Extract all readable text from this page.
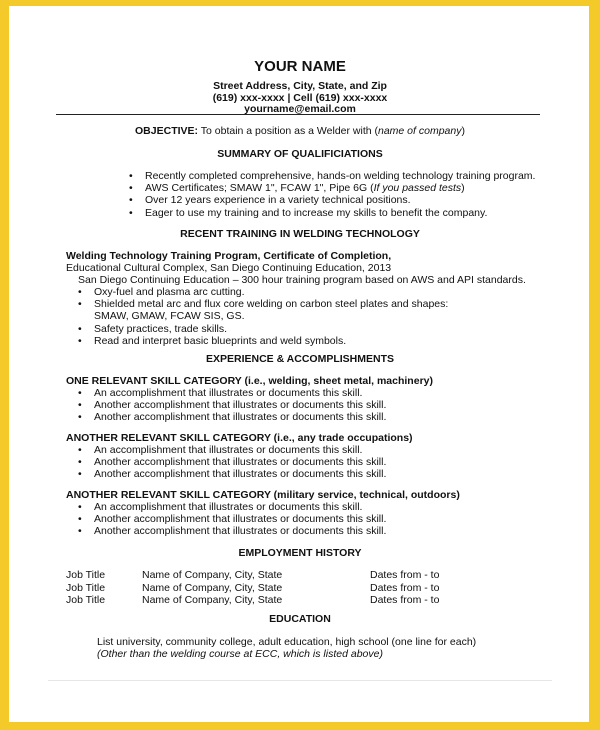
YOUR NAME
Street Address, City, State, and Zip
(619) xxx-xxxx | Cell (619) xxx-xxxx
yourname@email.com
OBJECTIVE: To obtain a position as a Welder with (name of company)
SUMMARY OF QUALIFICIATIONS
• Recently completed comprehensive, hands-on welding technology training program.
• AWS Certificates; SMAW 1", FCAW 1", Pipe 6G (If you passed tests)
• Over 12 years experience in a variety technical positions.
• Eager to use my training and to increase my skills to benefit the company.
RECENT TRAINING IN WELDING TECHNOLOGY
Welding Technology Training Program, Certificate of Completion,
Educational Cultural Complex, San Diego Continuing Education, 2013
San Diego Continuing Education – 300 hour training program based on AWS and API standards.
• Oxy-fuel and plasma arc cutting.
• Shielded metal arc and flux core welding on carbon steel plates and shapes:
SMAW, GMAW, FCAW SIS, GS.
• Safety practices, trade skills.
• Read and interpret basic blueprints and weld symbols.
EXPERIENCE & ACCOMPLISHMENTS
ONE RELEVANT SKILL CATEGORY (i.e., welding, sheet metal, machinery)
• An accomplishment that illustrates or documents this skill.
• Another accomplishment that illustrates or documents this skill.
• Another accomplishment that illustrates or documents this skill.
ANOTHER RELEVANT SKILL CATEGORY (i.e., any trade occupations)
• An accomplishment that illustrates or documents this skill.
• Another accomplishment that illustrates or documents this skill.
• Another accomplishment that illustrates or documents this skill.
ANOTHER RELEVANT SKILL CATEGORY (military service, technical, outdoors)
• An accomplishment that illustrates or documents this skill.
• Another accomplishment that illustrates or documents this skill.
• Another accomplishment that illustrates or documents this skill.
EMPLOYMENT HISTORY
Job Title
Job Title
Job Title
Name of Company, City, State
Name of Company, City, State
Name of Company, City, State
Dates from - to
Dates from - to
Dates from - to
EDUCATION
List university, community college, adult education, high school (one line for each)
(Other than the welding course at ECC, which is listed above)
